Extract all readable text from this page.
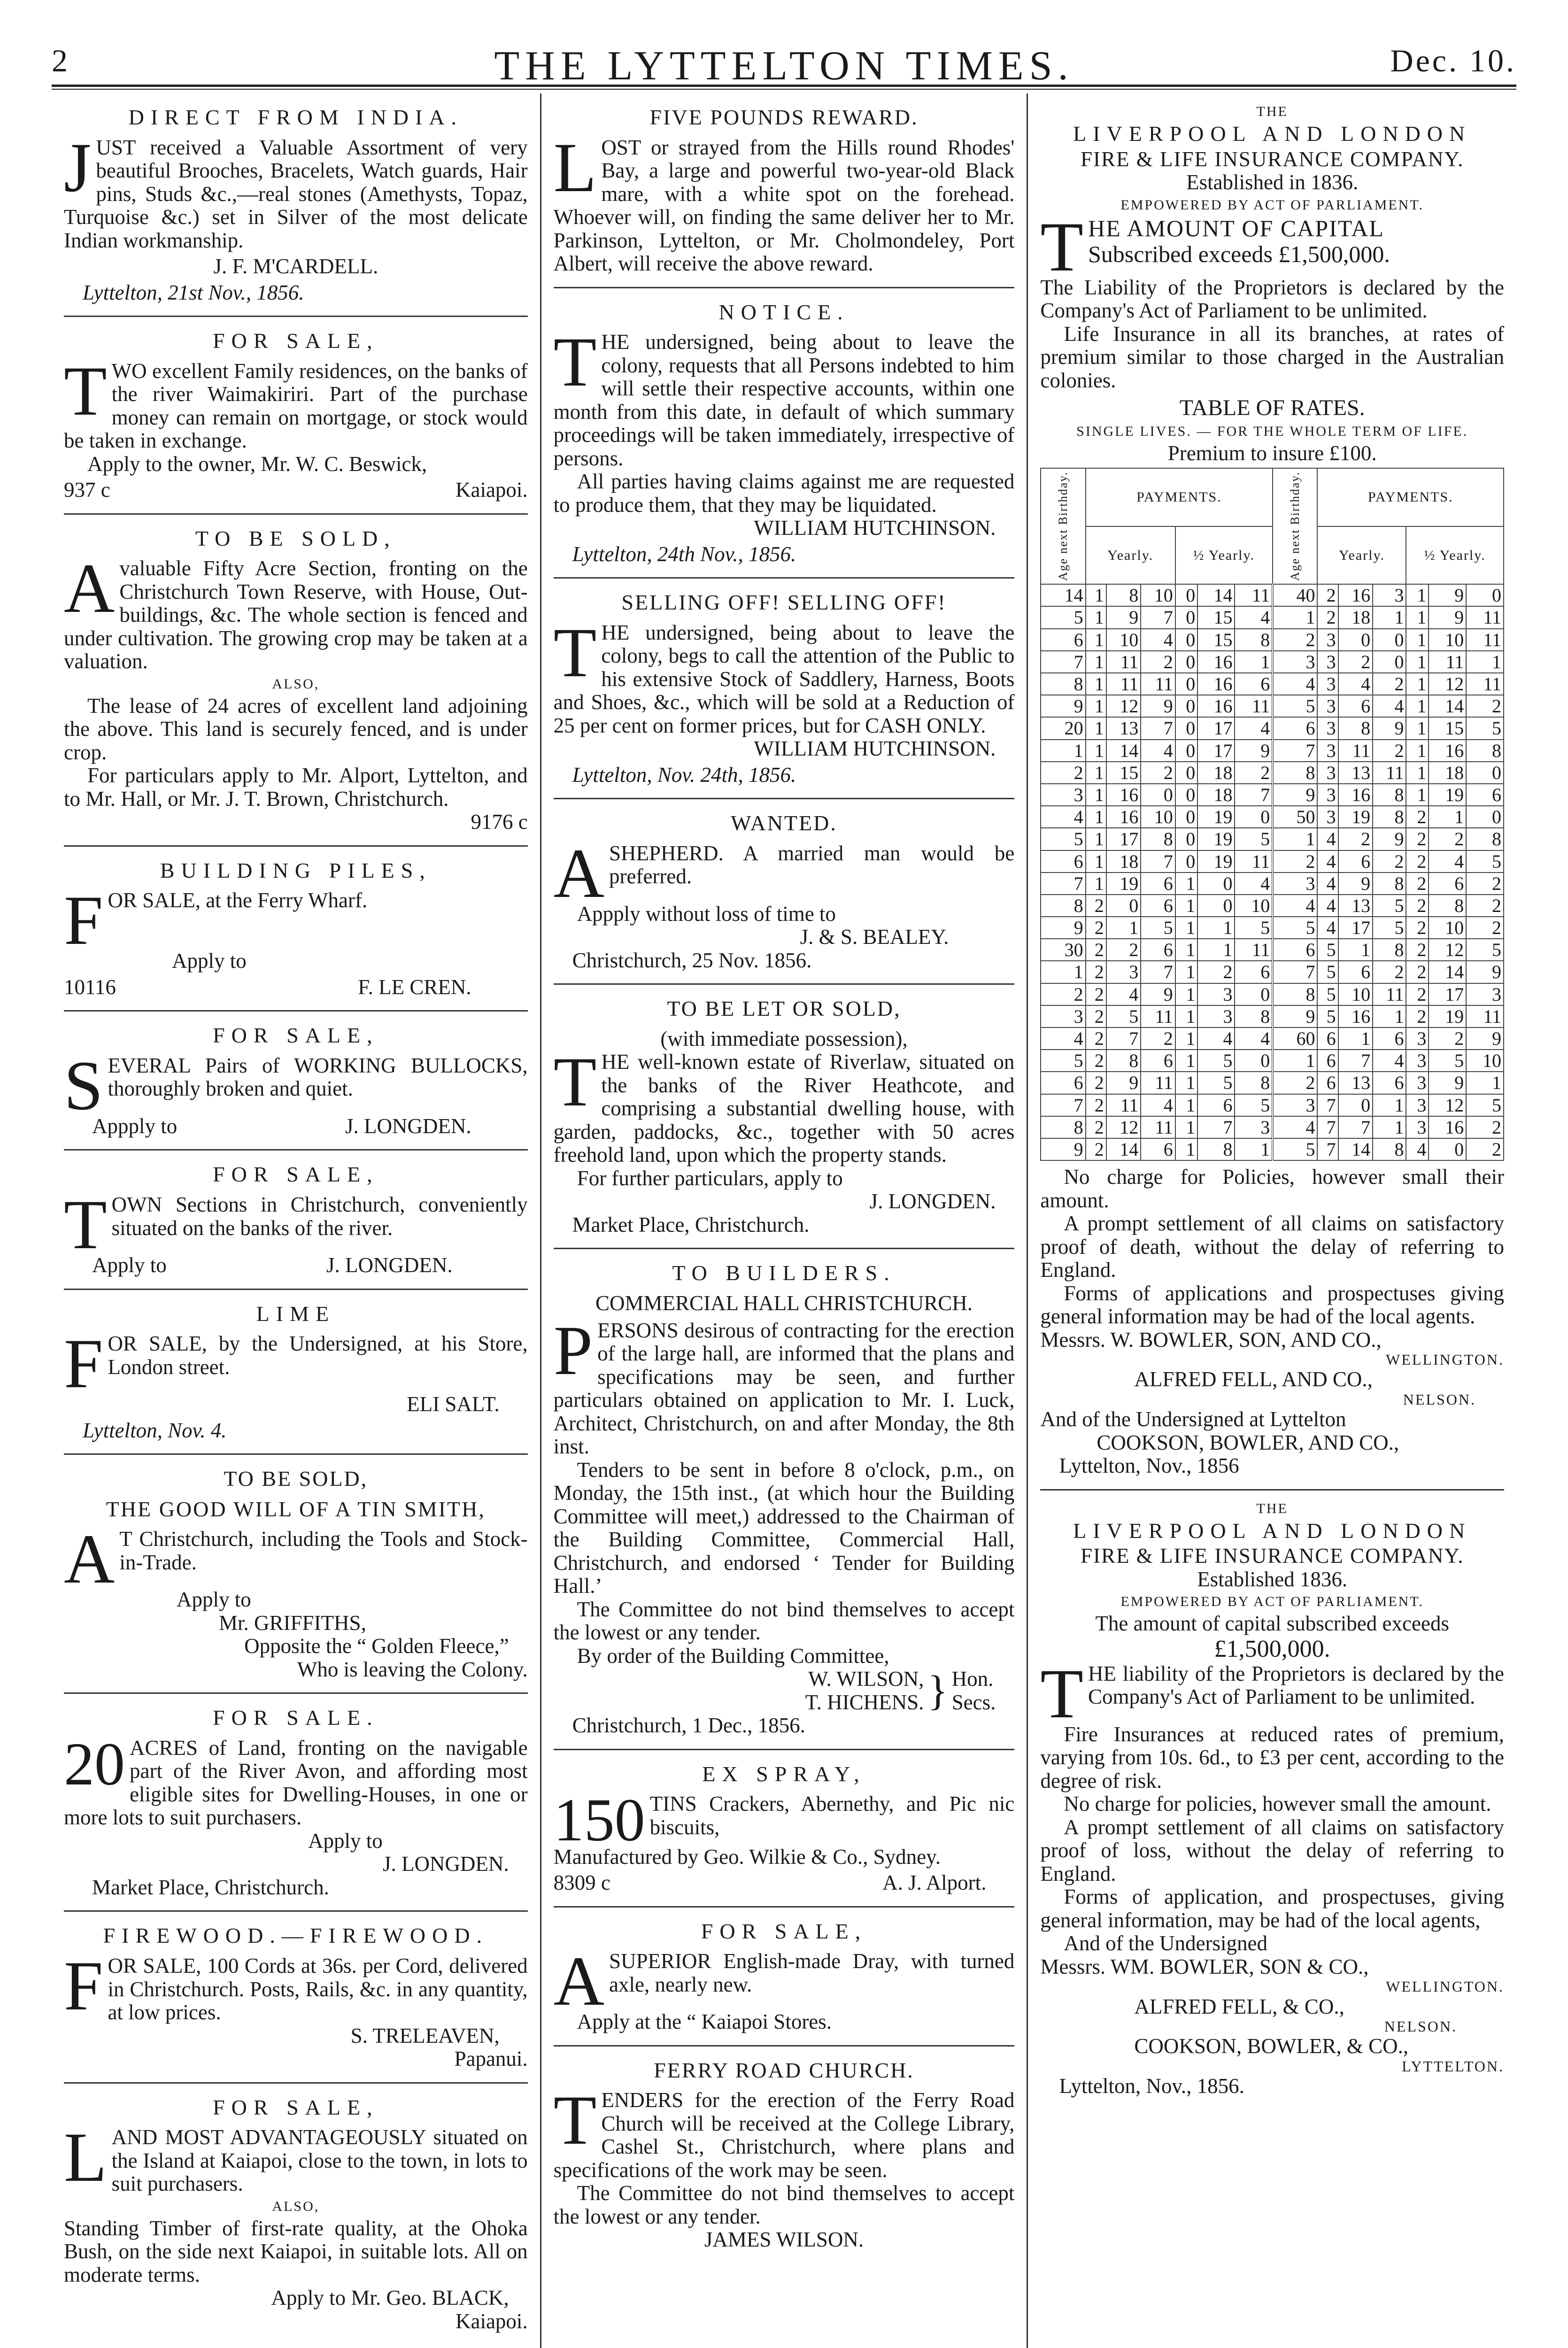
2	THE LYTTELTON TIMES.	Dec. 10.
DIRECT FROM INDIA.

JUST received a Valuable Assortment of very beautiful Brooches, Bracelets, Watch guards, Hair pins, Studs &c.,—real stones (Amethysts, Topaz, Turquoise &c.) set in Silver of the most delicate Indian workmanship.

J. F. M'CARDELL.
Lyttelton, 21st Nov., 1856.
FOR SALE,

TWO excellent Family residences, on the banks of the river Waimakiriri. Part of the purchase money can remain on mortgage, or stock would be taken in exchange.

Apply to the owner, Mr. W. C. Beswick,

937 c	Kaiapoi.
TO BE SOLD,

Avaluable Fifty Acre Section, fronting on the Christchurch Town Reserve, with House, Out-buildings, &c. The whole section is fenced and under cultivation. The growing crop may be taken at a valuation.

ALSO,

The lease of 24 acres of excellent land adjoining the above. This land is securely fenced, and is under crop.

For particulars apply to Mr. Alport, Lyttelton, and to Mr. Hall, or Mr. J. T. Brown, Christchurch.

9176 c
BUILDING PILES,

FOR SALE, at the Ferry Wharf.

Apply to
10116	F. LE CREN.
FOR SALE,

SEVERAL Pairs of WORKING BULLOCKS, thoroughly broken and quiet.

Appply to	J. LONGDEN.
FOR SALE,

TOWN Sections in Christchurch, conveniently situated on the banks of the river.

Apply to	J. LONGDEN.
LIME

FOR SALE, by the Undersigned, at his Store, London street.

ELI SALT.
Lyttelton, Nov. 4.
TO BE SOLD,
THE GOOD WILL OF A TIN SMITH,

A T Christchurch, including the Tools and Stock-in-Trade.

Apply to
Mr. GRIFFITHS,
Opposite the “ Golden Fleece,”
Who is leaving the Colony.
FOR SALE.

20 ACRES of Land, fronting on the navigable part of the River Avon, and affording most eligible sites for Dwelling-Houses, in one or more lots to suit purchasers.

Apply to
J. LONGDEN.
Market Place, Christchurch.
FIREWOOD.—FIREWOOD.

FOR SALE, 100 Cords at 36s. per Cord, delivered in Christchurch. Posts, Rails, &c. in any quantity, at low prices.

S. TRELEAVEN,
Papanui.
FOR SALE,

LAND MOST ADVANTAGEOUSLY situated on the Island at Kaiapoi, close to the town, in lots to suit purchasers.

ALSO,

Standing Timber of first-rate quality, at the Ohoka Bush, on the side next Kaiapoi, in suitable lots. All on moderate terms.

Apply to Mr. Geo. BLACK,
Kaiapoi.
FIVE POUNDS REWARD.

LOST or strayed from the Hills round Rhodes' Bay, a large and powerful two-year-old Black mare, with a white spot on the forehead. Whoever will, on finding the same deliver her to Mr. Parkinson, Lyttelton, or Mr. Cholmondeley, Port Albert, will receive the above reward.

NOTICE.

THE undersigned, being about to leave the colony, requests that all Persons indebted to him will settle their respective accounts, within one month from this date, in default of which summary proceedings will be taken immediately, irrespective of persons.

All parties having claims against me are requested to produce them, that they may be liquidated.

WILLIAM HUTCHINSON.
Lyttelton, 24th Nov., 1856.
SELLING OFF! SELLING OFF!

THE undersigned, being about to leave the colony, begs to call the attention of the Public to his extensive Stock of Saddlery, Harness, Boots and Shoes, &c., which will be sold at a Reduction of 25 per cent on former prices, but for CASH ONLY.

WILLIAM HUTCHINSON.
Lyttelton, Nov. 24th, 1856.
WANTED.

ASHEPHERD. A married man would be preferred.

Appply without loss of time to

J. & S. BEALEY.
Christchurch, 25 Nov. 1856.
TO BE LET OR SOLD,
(with immediate possession),

THE well-known estate of Riverlaw, situated on the banks of the River Heathcote, and comprising a substantial dwelling house, with garden, paddocks, &c., together with 50 acres freehold land, upon which the property stands.

For further particulars, apply to

J. LONGDEN.
Market Place, Christchurch.
TO BUILDERS.
COMMERCIAL HALL CHRISTCHURCH.

PERSONS desirous of contracting for the erection of the large hall, are informed that the plans and specifications may be seen, and further particulars obtained on application to Mr. I. Luck, Architect, Christchurch, on and after Monday, the 8th inst.

Tenders to be sent in before 8 o'clock, p.m., on Monday, the 15th inst., (at which hour the Building Committee will meet,) addressed to the Chairman of the Building Committee, Commercial Hall, Christchurch, and endorsed ‘ Tender for Building Hall.’

The Committee do not bind themselves to accept the lowest or any tender.

By order of the Building Committee,

W. WILSON,
T. HICHENS. } Hon.
Secs.
Christchurch, 1 Dec., 1856.
EX SPRAY,

150 TINS Crackers, Abernethy, and Pic nic biscuits,

Manufactured by Geo. Wilkie & Co., Sydney.

8309 c	A. J. Alport.
FOR SALE,

ASUPERIOR English-made Dray, with turned axle, nearly new.

Apply at the “ Kaiapoi Stores.

FERRY ROAD CHURCH.

TENDERS for the erection of the Ferry Road Church will be received at the College Library, Cashel St., Christchurch, where plans and specifications of the work may be seen.

The Committee do not bind themselves to accept the lowest or any tender.

JAMES WILSON.
THE
LIVERPOOL AND LONDON
FIRE & LIFE INSURANCE COMPANY.
Established in 1836.
EMPOWERED BY ACT OF PARLIAMENT.

THE AMOUNT OF CAPITAL
Subscribed exceeds £1,500,000.

The Liability of the Proprietors is declared by the Company's Act of Parliament to be unlimited.

Life Insurance in all its branches, at rates of premium similar to those charged in the Australian colonies.

TABLE OF RATES.
SINGLE LIVES. — FOR THE WHOLE TERM OF LIFE.
Premium to insure £100.
Age next Birthday.	PAYMENTS.						Age next Birthday.	PAYMENTS.					
	Yearly.			½ Yearly.				Yearly.			½ Yearly.		
14	1	8	10	0	14	11	40	2	16	3	1	9	0
5	1	9	7	0	15	4	1	2	18	1	1	9	11
6	1	10	4	0	15	8	2	3	0	0	1	10	11
7	1	11	2	0	16	1	3	3	2	0	1	11	1
8	1	11	11	0	16	6	4	3	4	2	1	12	11
9	1	12	9	0	16	11	5	3	6	4	1	14	2
20	1	13	7	0	17	4	6	3	8	9	1	15	5
1	1	14	4	0	17	9	7	3	11	2	1	16	8
2	1	15	2	0	18	2	8	3	13	11	1	18	0
3	1	16	0	0	18	7	9	3	16	8	1	19	6
4	1	16	10	0	19	0	50	3	19	8	2	1	0
5	1	17	8	0	19	5	1	4	2	9	2	2	8
6	1	18	7	0	19	11	2	4	6	2	2	4	5
7	1	19	6	1	0	4	3	4	9	8	2	6	2
8	2	0	6	1	0	10	4	4	13	5	2	8	2
9	2	1	5	1	1	5	5	4	17	5	2	10	2
30	2	2	6	1	1	11	6	5	1	8	2	12	5
1	2	3	7	1	2	6	7	5	6	2	2	14	9
2	2	4	9	1	3	0	8	5	10	11	2	17	3
3	2	5	11	1	3	8	9	5	16	1	2	19	11
4	2	7	2	1	4	4	60	6	1	6	3	2	9
5	2	8	6	1	5	0	1	6	7	4	3	5	10
6	2	9	11	1	5	8	2	6	13	6	3	9	1
7	2	11	4	1	6	5	3	7	0	1	3	12	5
8	2	12	11	1	7	3	4	7	7	1	3	16	2
9	2	14	6	1	8	1	5	7	14	8	4	0	2

No charge for Policies, however small their amount.

A prompt settlement of all claims on satisfactory proof of death, without the delay of referring to England.

Forms of applications and prospectuses giving general information may be had of the local agents.

Messrs. W. BOWLER, SON, AND CO.,
WELLINGTON.
ALFRED FELL, AND CO.,
NELSON.
And of the Undersigned at Lyttelton
COOKSON, BOWLER, AND CO.,
Lyttelton, Nov., 1856
THE
LIVERPOOL AND LONDON
FIRE & LIFE INSURANCE COMPANY.
Established 1836.
EMPOWERED BY ACT OF PARLIAMENT.
The amount of capital subscribed exceeds
£1,500,000.

THE liability of the Proprietors is declared by the Company's Act of Parliament to be unlimited.

Fire Insurances at reduced rates of premium, varying from 10s. 6d., to £3 per cent, according to the degree of risk.

No charge for policies, however small the amount.

A prompt settlement of all claims on satisfactory proof of loss, without the delay of referring to England.

Forms of application, and prospectuses, giving general information, may be had of the local agents,

And of the Undersigned
Messrs. WM. BOWLER, SON & CO.,
WELLINGTON.
ALFRED FELL, & CO.,
NELSON.
COOKSON, BOWLER, & CO.,
LYTTELTON.
Lyttelton, Nov., 1856.
